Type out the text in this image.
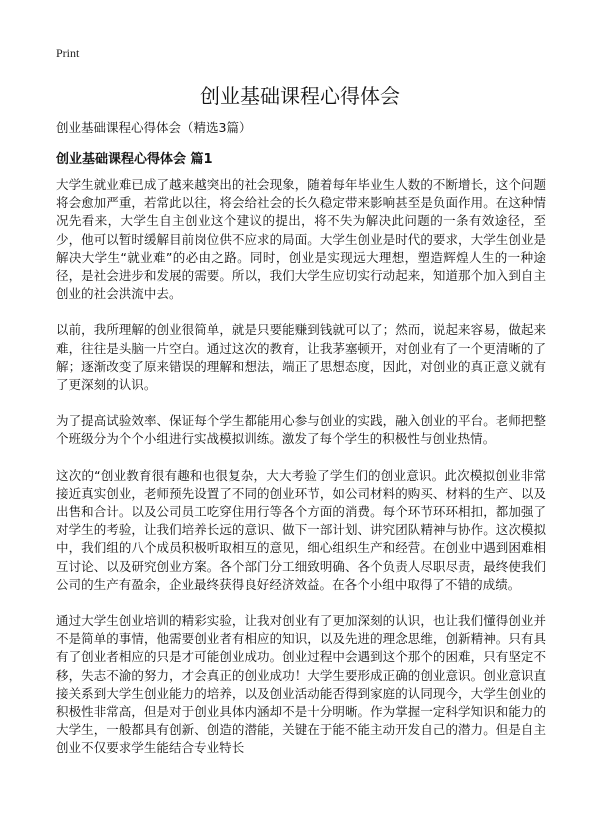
Print
创业基础课程心得体会
创业基础课程心得体会（精选3篇）
创业基础课程心得体会 篇1

大学生就业难已成了越来越突出的社会现象，随着每年毕业生人数的不断增长，这个问题将会愈加严重，若常此以往，将会给社会的长久稳定带来影响甚至是负面作用。在这种情况先看来，大学生自主创业这个建议的提出，将不失为解决此问题的一条有效途径，至少，他可以暂时缓解目前岗位供不应求的局面。大学生创业是时代的要求，大学生创业是解决大学生“就业难”的必由之路。同时，创业是实现远大理想，塑造辉煌人生的一种途径，是社会进步和发展的需要。所以，我们大学生应切实行动起来，知道那个加入到自主创业的社会洪流中去。

以前，我所理解的创业很简单，就是只要能赚到钱就可以了；然而，说起来容易，做起来难，往往是头脑一片空白。通过这次的教育，让我茅塞顿开，对创业有了一个更清晰的了解；逐渐改变了原来错误的理解和想法，端正了思想态度，因此，对创业的真正意义就有了更深刻的认识。

为了提高试验效率、保证每个学生都能用心参与创业的实践，融入创业的平台。老师把整个班级分为个个小组进行实战模拟训练。激发了每个学生的积极性与创业热情。

这次的“创业教育很有趣和也很复杂，大大考验了学生们的创业意识。此次模拟创业非常接近真实创业，老师预先设置了不同的创业环节，如公司材料的购买、材料的生产、以及出售和合计。以及公司员工吃穿住用行等各个方面的消费。每个环节环环相扣，都加强了对学生的考验，让我们培养长远的意识、做下一部计划、讲究团队精神与协作。这次模拟中，我们组的八个成员积极听取相互的意见，细心组织生产和经营。在创业中遇到困难相互讨论、以及研究创业方案。各个部门分工细致明确、各个负责人尽职尽责，最终使我们公司的生产有盈余，企业最终获得良好经济效益。在各个小组中取得了不错的成绩。

通过大学生创业培训的精彩实验，让我对创业有了更加深刻的认识，也让我们懂得创业并不是简单的事情，他需要创业者有相应的知识，以及先进的理念思维，创新精神。只有具有了创业者相应的只是才可能创业成功。创业过程中会遇到这个那个的困难，只有坚定不移，失志不渝的努力，才会真正的创业成功！大学生要形成正确的创业意识。创业意识直接关系到大学生创业能力的培养，以及创业活动能否得到家庭的认同现今，大学生创业的积极性非常高，但是对于创业具体内涵却不是十分明晰。作为掌握一定科学知识和能力的大学生，一般都具有创新、创造的潜能，关键在于能不能主动开发自己的潜力。但是自主创业不仅要求学生能结合专业特长
